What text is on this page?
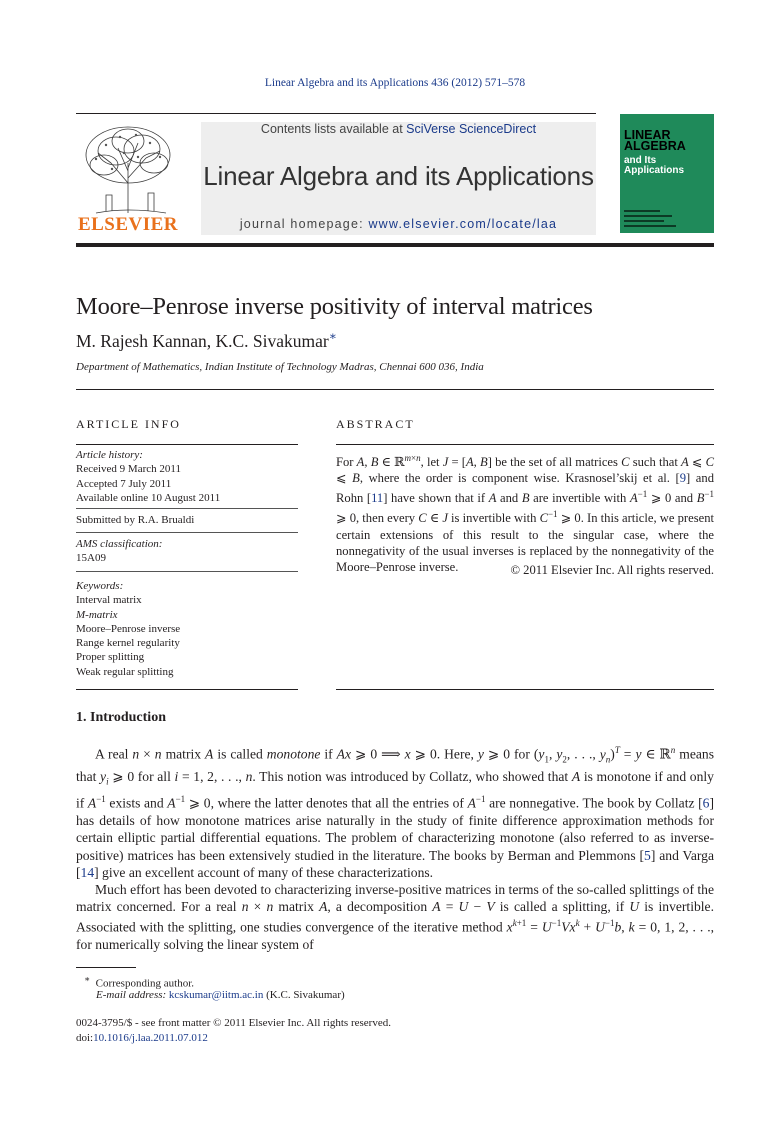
Linear Algebra and its Applications 436 (2012) 571–578
ELSEVIER
Contents lists available at SciVerse ScienceDirect
Linear Algebra and its Applications
journal homepage: www.elsevier.com/locate/laa
LINEAR ALGEBRA
and Its Applications
Moore–Penrose inverse positivity of interval matrices
M. Rajesh Kannan, K.C. Sivakumar∗
Department of Mathematics, Indian Institute of Technology Madras, Chennai 600 036, India
ARTICLE INFO	ABSTRACT
Article history:
Received 9 March 2011
Accepted 7 July 2011
Available online 10 August 2011
Submitted by R.A. Brualdi
AMS classification:
15A09
Keywords:
Interval matrix
M-matrix
Moore–Penrose inverse
Range kernel regularity
Proper splitting
Weak regular splitting
For A, B ∈ ℝ$^{m\times n}$, let J = [A, B] be the set of all matrices C such that A ⩽ C ⩽ B, where the order is component wise. Krasnosel’skij et al. [9] and Rohn [11] have shown that if A and B are invertible with $A^{-1}$ ⩾ 0 and $B^{-1}$ ⩾ 0, then every C ∈ J is invertible with $C^{-1}$ ⩾ 0. In this article, we present certain extensions of this result to the singular case, where the nonnegativity of the usual inverses is replaced by the nonnegativity of the Moore–Penrose inverse.	© 2011 Elsevier Inc. All rights reserved.
1. Introduction

A real n × n matrix A is called monotone if Ax ⩾ 0 ⟹ x ⩾ 0. Here, y ⩾ 0 for ($y_1$, $y_2$, . . ., $y_n)^T = y$ ∈ ℝ$^n$ means that $y_i$ ⩾ 0 for all i = 1, 2, . . ., n. This notion was introduced by Collatz, who showed that A is monotone if and only if $A^{-1}$ exists and $A^{-1}$ ⩾ 0, where the latter denotes that all the entries of $A^{-1}$ are nonnegative. The book by Collatz [6] has details of how monotone matrices arise naturally in the study of finite difference approximation methods for certain elliptic partial differential equations. The problem of characterizing monotone (also referred to as inverse-positive) matrices has been extensively studied in the literature. The books by Berman and Plemmons [5] and Varga [14] give an excellent account of many of these characterizations.

Much effort has been devoted to characterizing inverse-positive matrices in terms of the so-called splittings of the matrix concerned. For a real n × n matrix A, a decomposition A = U − V is called a splitting, if U is invertible. Associated with the splitting, one studies convergence of the iterative method $x^{k+1} = U^{-1}Vx^k + U^{-1}b$, k = 0, 1, 2, . . ., for numerically solving the linear system of

∗ Corresponding author.
E-mail address: kcskumar@iitm.ac.in (K.C. Sivakumar)
0024-3795/$ - see front matter © 2011 Elsevier Inc. All rights reserved.
doi:10.1016/j.laa.2011.07.012
